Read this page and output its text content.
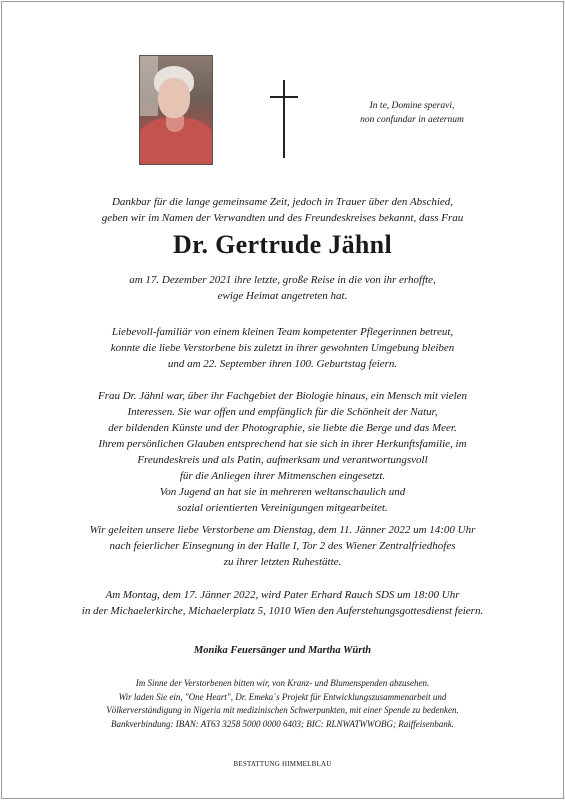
In te, Domine speravi,
non confundar in aeternum
Dankbar für die lange gemeinsame Zeit, jedoch in Trauer über den Abschied,
geben wir im Namen der Verwandten und des Freundeskreises bekannt, dass Frau
Dr. Gertrude Jähnl
am 17. Dezember 2021 ihre letzte, große Reise in die von ihr erhoffte,
ewige Heimat angetreten hat.
Liebevoll-familiär von einem kleinen Team kompetenter Pflegerinnen betreut,
konnte die liebe Verstorbene bis zuletzt in ihrer gewohnten Umgebung bleiben
und am 22. September ihren 100. Geburtstag feiern.
Frau Dr. Jähnl war, über ihr Fachgebiet der Biologie hinaus, ein Mensch mit vielen
Interessen. Sie war offen und empfänglich für die Schönheit der Natur,
der bildenden Künste und der Photographie, sie liebte die Berge und das Meer.
Ihrem persönlichen Glauben entsprechend hat sie sich in ihrer Herkunftsfamilie, im
Freundeskreis und als Patin, aufmerksam und verantwortungsvoll
für die Anliegen ihrer Mitmenschen eingesetzt.
Von Jugend an hat sie in mehreren weltanschaulich und
sozial orientierten Vereinigungen mitgearbeitet.
Wir geleiten unsere liebe Verstorbene am Dienstag, dem 11. Jänner 2022 um 14:00 Uhr
nach feierlicher Einsegnung in der Halle I, Tor 2 des Wiener Zentralfriedhofes
zu ihrer letzten Ruhestätte.
Am Montag, dem 17. Jänner 2022, wird Pater Erhard Rauch SDS um 18:00 Uhr
in der Michaelerkirche, Michaelerplatz 5, 1010 Wien den Auferstehungsgottesdienst feiern.
Monika Feuersänger und Martha Würth
Im Sinne der Verstorbenen bitten wir, von Kranz- und Blumenspenden abzusehen.
Wir laden Sie ein, "One Heart", Dr. Emeka´s Projekt für Entwicklungszusammenarbeit und
Völkerverständigung in Nigeria mit medizinischen Schwerpunkten, mit einer Spende zu bedenken.
Bankverbindung: IBAN: AT63 3258 5000 0000 6403; BIC: RLNWATWWOBG; Raiffeisenbank.
BESTATTUNG HIMMELBLAU
